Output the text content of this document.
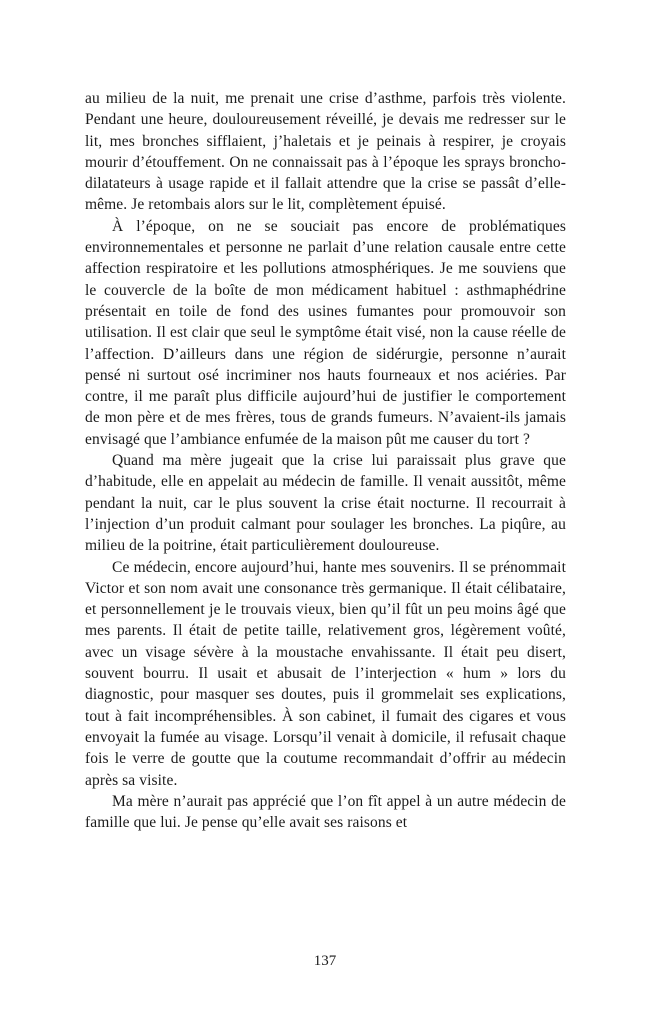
au milieu de la nuit, me prenait une crise d’asthme, parfois très violente. Pendant une heure, douloureusement réveillé, je devais me redresser sur le lit, mes bronches sifflaient, j’haletais et je peinais à respirer, je croyais mourir d’étouffement. On ne connaissait pas à l’époque les sprays broncho-dilatateurs à usage rapide et il fallait attendre que la crise se passât d’elle-même. Je retombais alors sur le lit, complètement épuisé.

À l’époque, on ne se souciait pas encore de problématiques environnementales et personne ne parlait d’une relation causale entre cette affection respiratoire et les pollutions atmosphériques. Je me souviens que le couvercle de la boîte de mon médicament habituel : asthmaphédrine présentait en toile de fond des usines fumantes pour promouvoir son utilisation. Il est clair que seul le symptôme était visé, non la cause réelle de l’affection. D’ailleurs dans une région de sidérurgie, personne n’aurait pensé ni surtout osé incriminer nos hauts fourneaux et nos aciéries. Par contre, il me paraît plus difficile aujourd’hui de justifier le comportement de mon père et de mes frères, tous de grands fumeurs. N’avaient-ils jamais envisagé que l’ambiance enfumée de la maison pût me causer du tort ?

Quand ma mère jugeait que la crise lui paraissait plus grave que d’habitude, elle en appelait au médecin de famille. Il venait aussitôt, même pendant la nuit, car le plus souvent la crise était nocturne. Il recourrait à l’injection d’un produit calmant pour soulager les bronches. La piqûre, au milieu de la poitrine, était particulièrement douloureuse.

Ce médecin, encore aujourd’hui, hante mes souvenirs. Il se prénommait Victor et son nom avait une consonance très germanique. Il était célibataire, et personnellement je le trouvais vieux, bien qu’il fût un peu moins âgé que mes parents. Il était de petite taille, relativement gros, légèrement voûté, avec un visage sévère à la moustache envahissante. Il était peu disert, souvent bourru. Il usait et abusait de l’interjection « hum » lors du diagnostic, pour masquer ses doutes, puis il grommelait ses explications, tout à fait incompréhensibles. À son cabinet, il fumait des cigares et vous envoyait la fumée au visage. Lorsqu’il venait à domicile, il refusait chaque fois le verre de goutte que la coutume recommandait d’offrir au médecin après sa visite.

Ma mère n’aurait pas apprécié que l’on fît appel à un autre médecin de famille que lui. Je pense qu’elle avait ses raisons et

137
